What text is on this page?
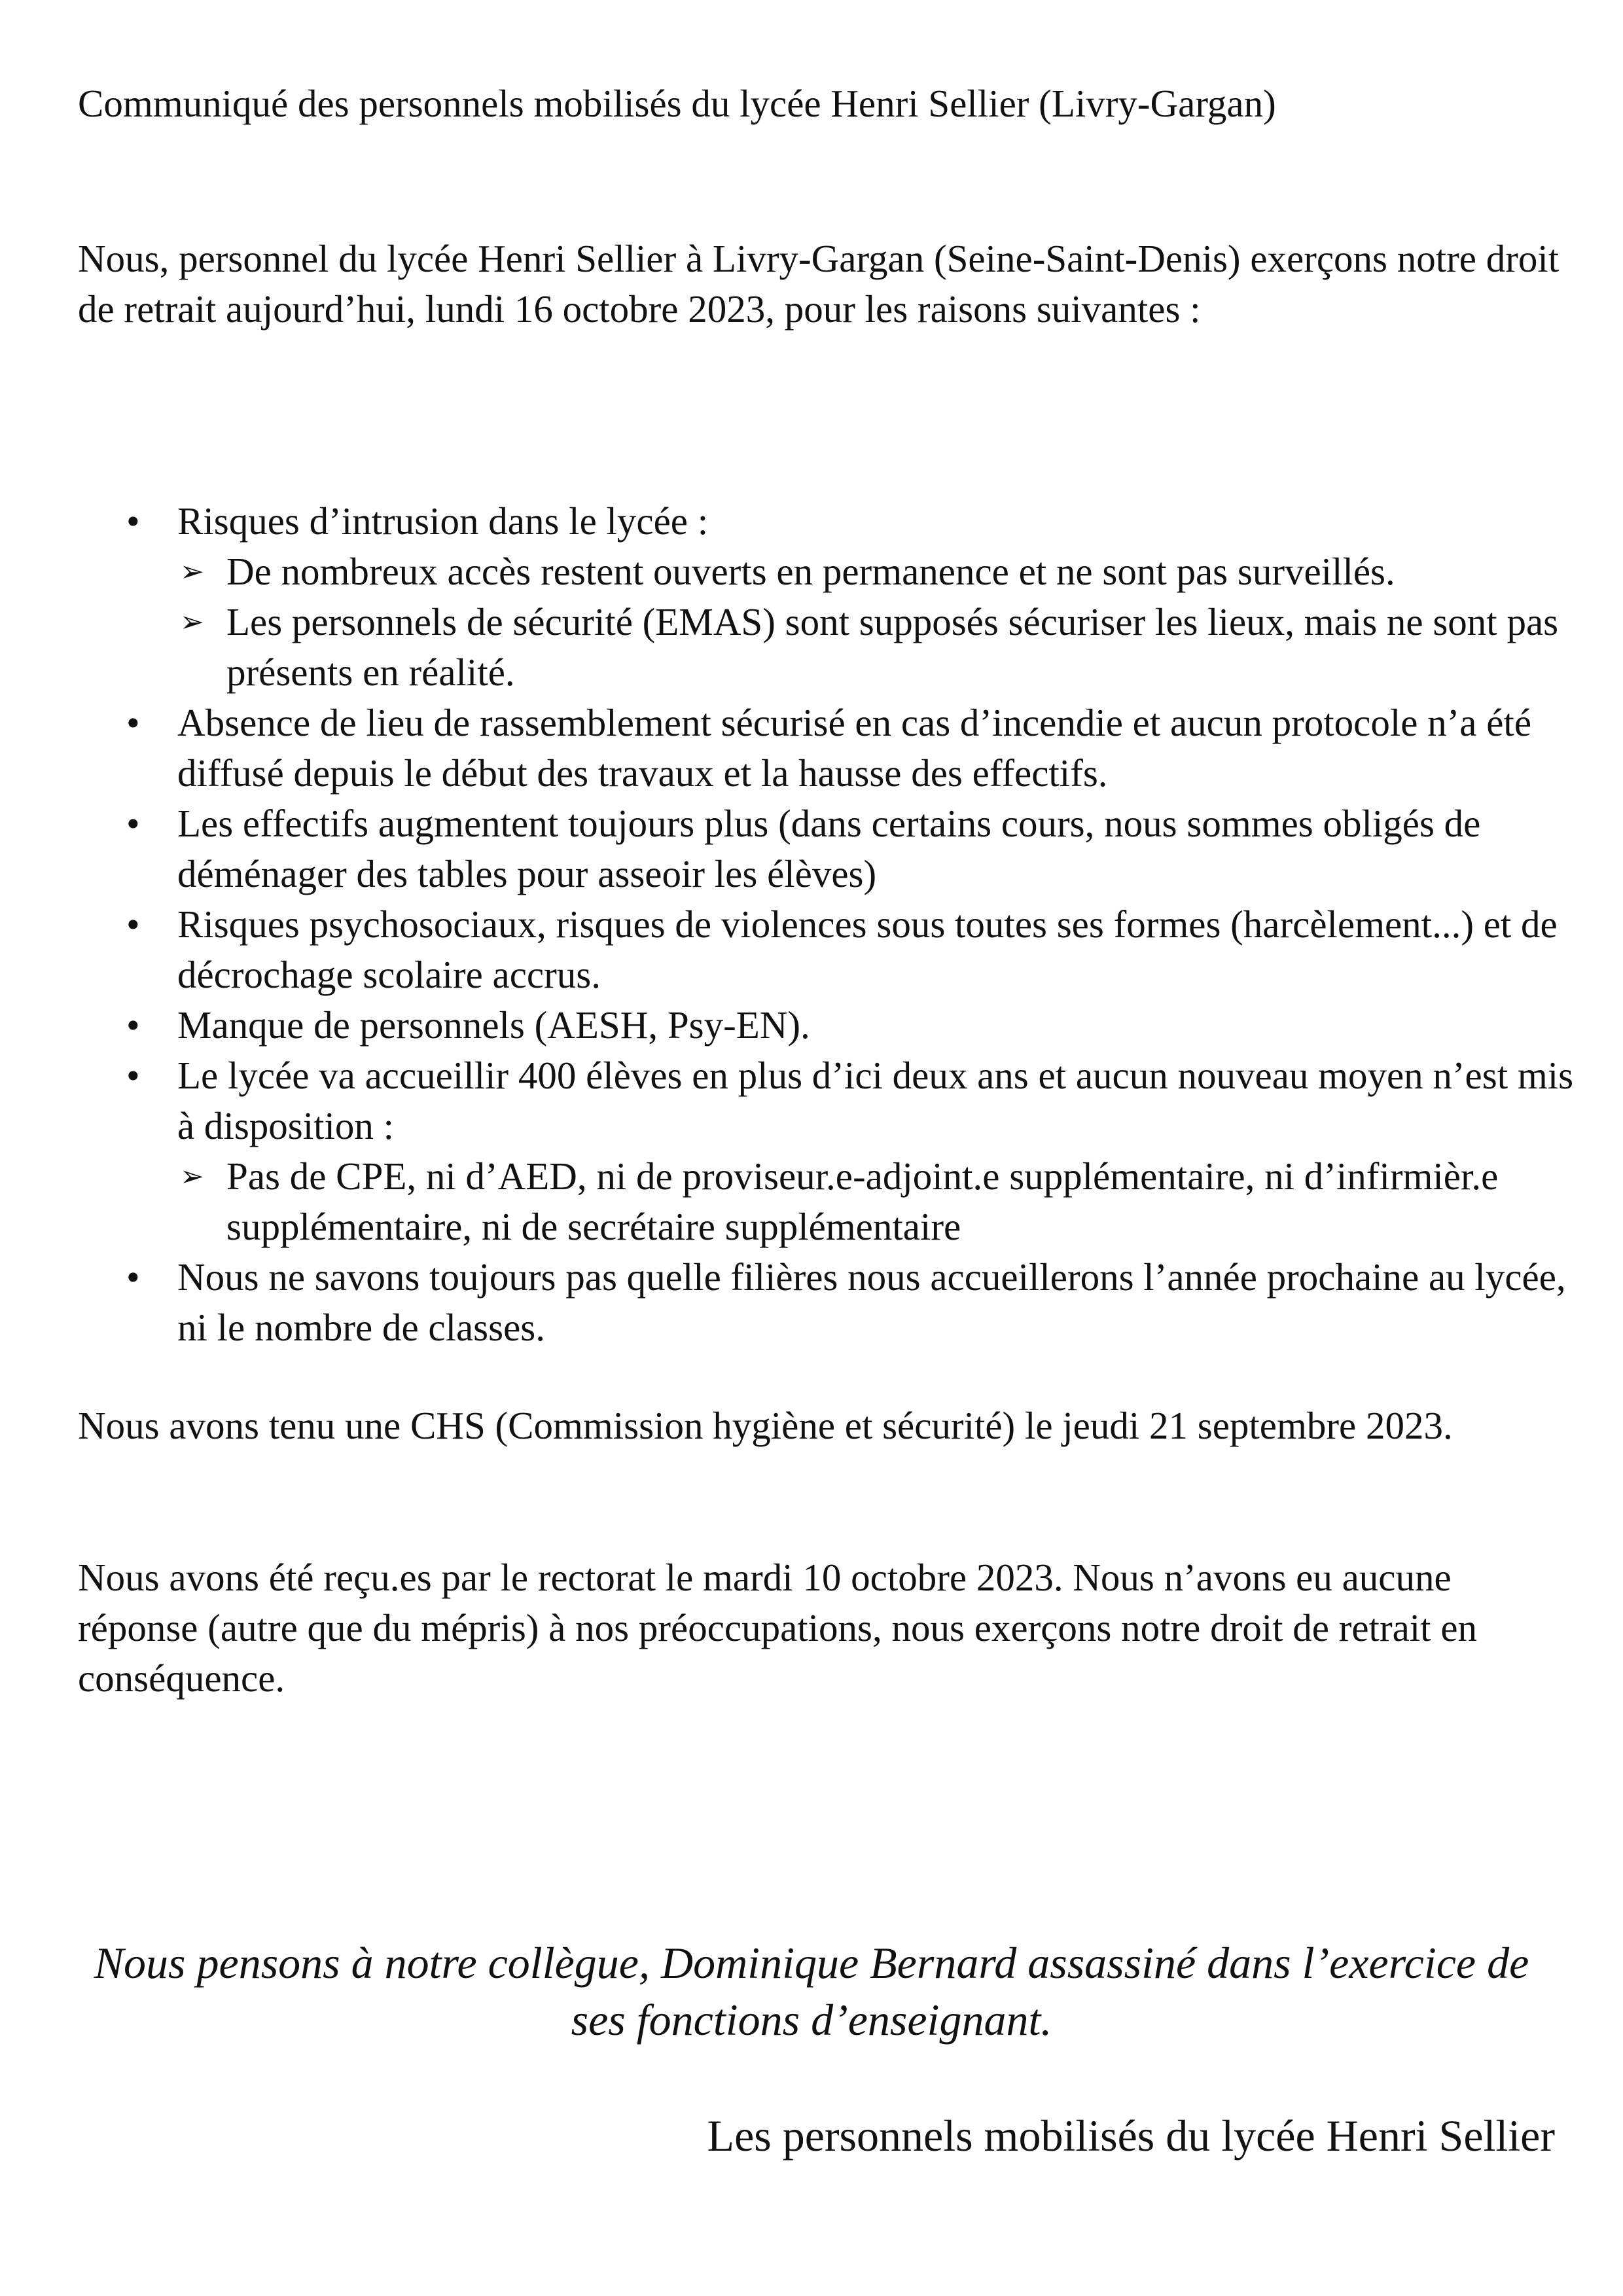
Communiqué des personnels mobilisés du lycée Henri Sellier (Livry-Gargan)
Nous, personnel du lycée Henri Sellier à Livry-Gargan (Seine-Saint-Denis) exerçons notre droit de retrait aujourd’hui, lundi 16 octobre 2023, pour les raisons suivantes :
• Risques d’intrusion dans le lycée :
➢ De nombreux accès restent ouverts en permanence et ne sont pas surveillés.
➢ Les personnels de sécurité (EMAS) sont supposés sécuriser les lieux, mais ne sont pas présents en réalité.
• Absence de lieu de rassemblement sécurisé en cas d’incendie et aucun protocole n’a été diffusé depuis le début des travaux et la hausse des effectifs.
• Les effectifs augmentent toujours plus (dans certains cours, nous sommes obligés de déménager des tables pour asseoir les élèves)
• Risques psychosociaux, risques de violences sous toutes ses formes (harcèlement...) et de décrochage scolaire accrus.
• Manque de personnels (AESH, Psy-EN).
• Le lycée va accueillir 400 élèves en plus d’ici deux ans et aucun nouveau moyen n’est mis à disposition :
➢ Pas de CPE, ni d’AED, ni de proviseur.e-adjoint.e supplémentaire, ni d’infirmièr.e supplémentaire, ni de secrétaire supplémentaire
• Nous ne savons toujours pas quelle filières nous accueillerons l’année prochaine au lycée, ni le nombre de classes.
Nous avons tenu une CHS (Commission hygiène et sécurité) le jeudi 21 septembre 2023.
Nous avons été reçu.es par le rectorat le mardi 10 octobre 2023. Nous n’avons eu aucune réponse (autre que du mépris) à nos préoccupations, nous exerçons notre droit de retrait en conséquence.
Nous pensons à notre collègue, Dominique Bernard assassiné dans l’exercice de ses fonctions d’enseignant.
Les personnels mobilisés du lycée Henri Sellier
